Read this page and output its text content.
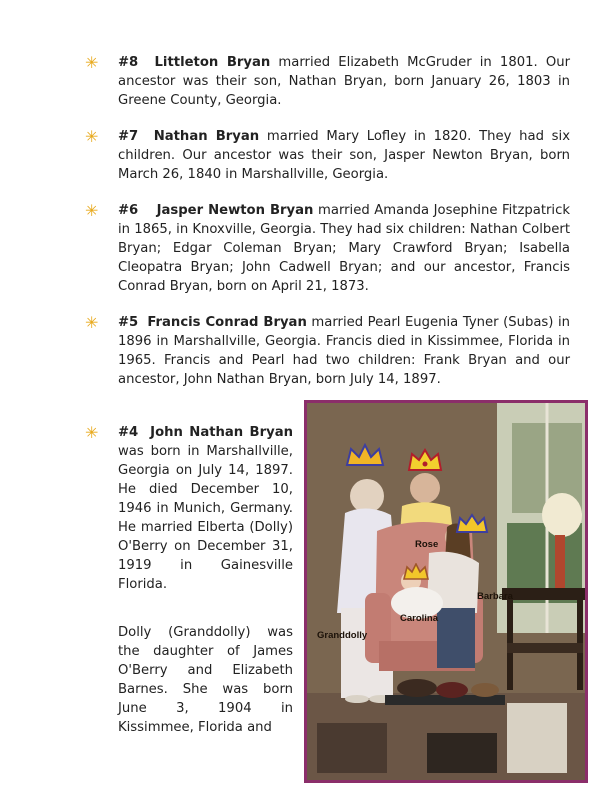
✳ #8 Littleton Bryan married Elizabeth McGruder in 1801. Our ancestor was their son, Nathan Bryan, born January 26, 1803 in Greene County, Georgia.
✳ #7 Nathan Bryan married Mary Lofley in 1820. They had six children. Our ancestor was their son, Jasper Newton Bryan, born March 26, 1840 in Marshallville, Georgia.
✳ #6 Jasper Newton Bryan married Amanda Josephine Fitzpatrick in 1865, in Knoxville, Georgia. They had six children: Nathan Colbert Bryan; Edgar Coleman Bryan; Mary Crawford Bryan; Isabella Cleopatra Bryan; John Cadwell Bryan; and our ancestor, Francis Conrad Bryan, born on April 21, 1873.
✳ #5 Francis Conrad Bryan married Pearl Eugenia Tyner (Subas) in 1896 in Marshallville, Georgia. Francis died in Kissimmee, Florida in 1965. Francis and Pearl had two children: Frank Bryan and our ancestor, John Nathan Bryan, born July 14, 1897.
✳ #4 John Nathan Bryan was born in Marshallville, Georgia on July 14, 1897. He died December 10, 1946 in Munich, Germany. He married Elberta (Dolly) O'Berry on December 31, 1919 in Gainesville Florida.
Dolly (Granddolly) was the daughter of James O'Berry and Elizabeth Barnes. She was born June 3, 1904 in Kissimmee, Florida and
Rose
Barbara
Carolina
Granddolly
